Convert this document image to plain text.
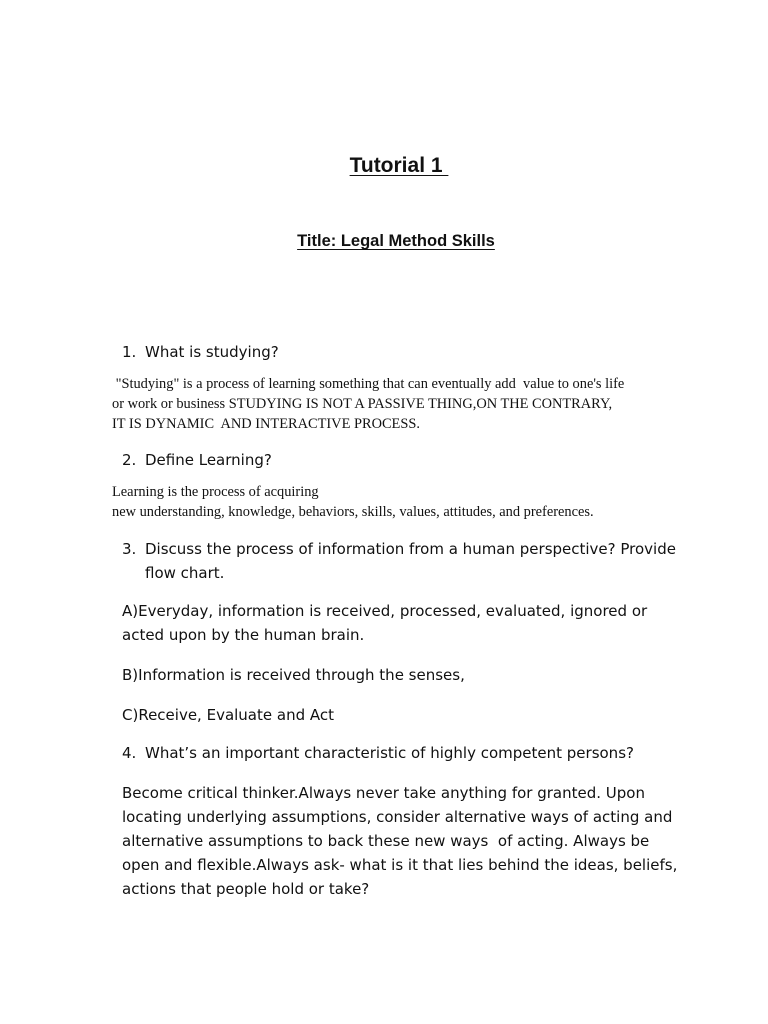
Tutorial 1
Title: Legal Method Skills
1. What is studying?
"Studying" is a process of learning something that can eventually add  value to one's life
or work or business STUDYING IS NOT A PASSIVE THING,ON THE CONTRARY,
IT IS DYNAMIC  AND INTERACTIVE PROCESS.
2. Define Learning?
Learning is the process of acquiring
new understanding, knowledge, behaviors, skills, values, attitudes, and preferences.
3. Discuss the process of information from a human perspective? Provide
flow chart.
A)Everyday, information is received, processed, evaluated, ignored or
acted upon by the human brain.
B)Information is received through the senses,
C)Receive, Evaluate and Act
4. What’s an important characteristic of highly competent persons?
Become critical thinker.Always never take anything for granted. Upon
locating underlying assumptions, consider alternative ways of acting and
alternative assumptions to back these new ways  of acting. Always be
open and flexible.Always ask- what is it that lies behind the ideas, beliefs,
actions that people hold or take?
